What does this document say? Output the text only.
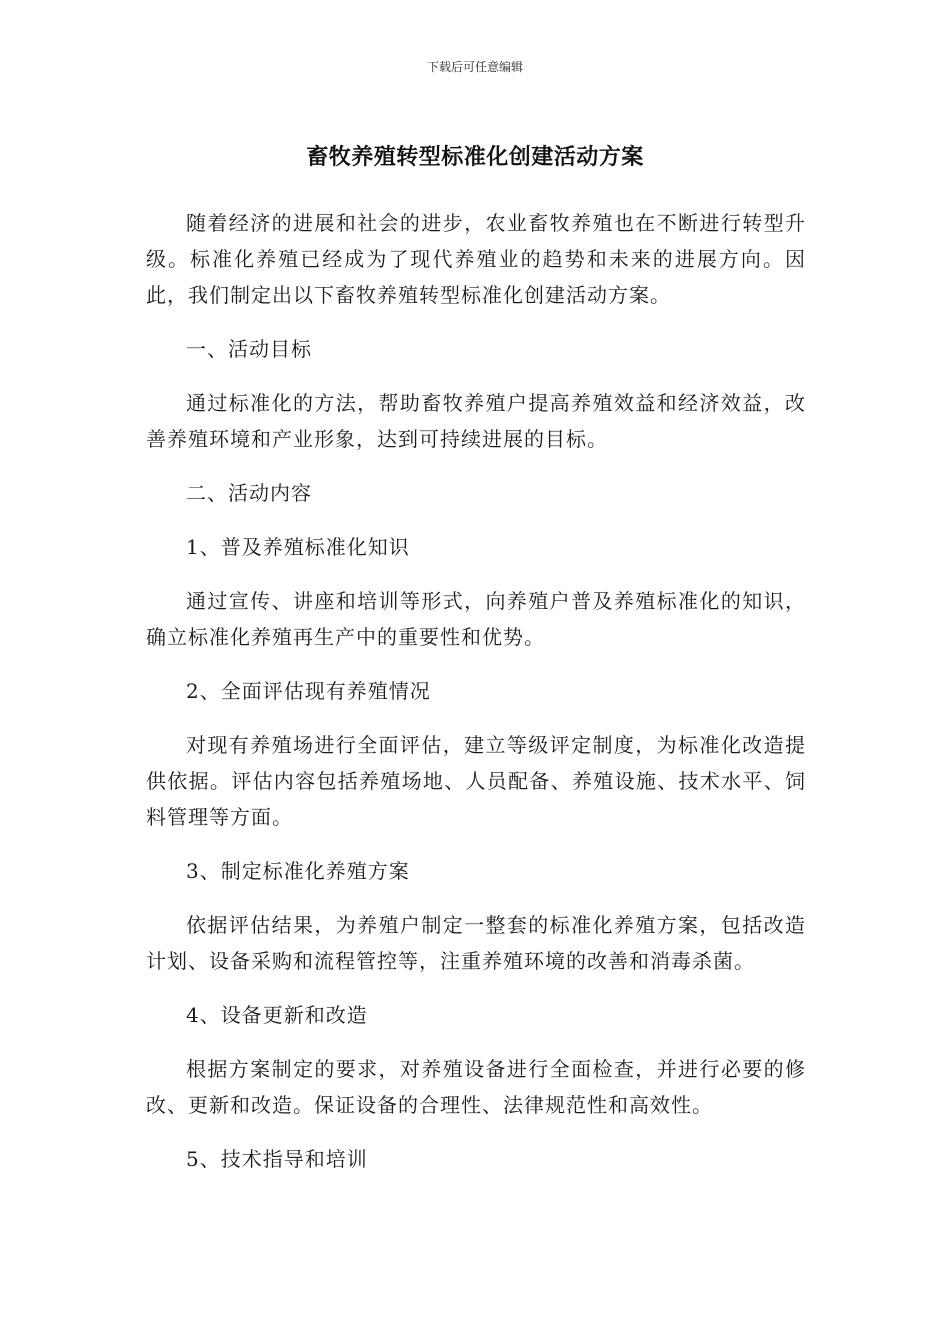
下载后可任意编辑
畜牧养殖转型标准化创建活动方案

随着经济的进展和社会的进步，农业畜牧养殖也在不断进行转型升级。标准化养殖已经成为了现代养殖业的趋势和未来的进展方向。因此，我们制定出以下畜牧养殖转型标准化创建活动方案。

一、活动目标

通过标准化的方法，帮助畜牧养殖户提高养殖效益和经济效益，改善养殖环境和产业形象，达到可持续进展的目标。

二、活动内容

1、普及养殖标准化知识

通过宣传、讲座和培训等形式，向养殖户普及养殖标准化的知识，确立标准化养殖再生产中的重要性和优势。

2、全面评估现有养殖情况

对现有养殖场进行全面评估，建立等级评定制度，为标准化改造提供依据。评估内容包括养殖场地、人员配备、养殖设施、技术水平、饲料管理等方面。

3、制定标准化养殖方案

依据评估结果，为养殖户制定一整套的标准化养殖方案，包括改造计划、设备采购和流程管控等，注重养殖环境的改善和消毒杀菌。

4、设备更新和改造

根据方案制定的要求，对养殖设备进行全面检查，并进行必要的修改、更新和改造。保证设备的合理性、法律规范性和高效性。

5、技术指导和培训
